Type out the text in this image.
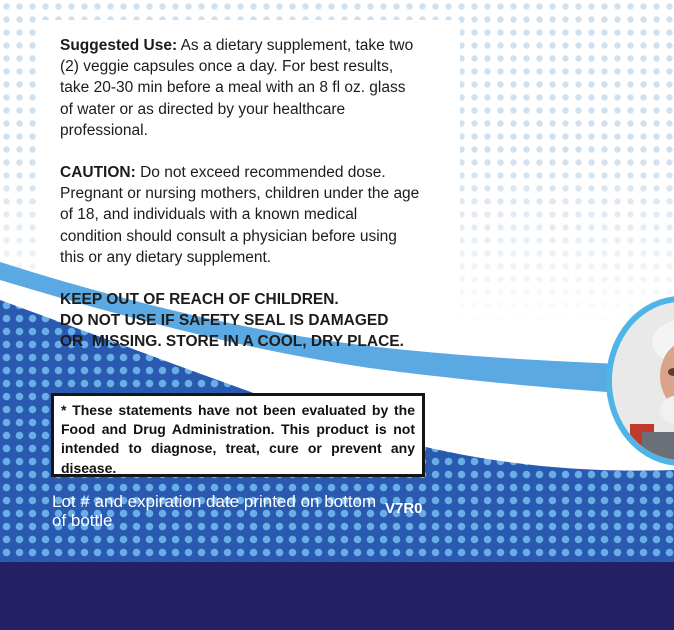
Suggested Use: As a dietary supplement, take two (2) veggie capsules once a day. For best results, take 20-30 min before a meal with an 8 fl oz. glass of water or as directed by your healthcare professional.
CAUTION: Do not exceed recommended dose. Pregnant or nursing mothers, children under the age of 18, and individuals with a known medical condition should consult a physician before using this or any dietary supplement.
KEEP OUT OF REACH OF CHILDREN.
DO NOT USE IF SAFETY SEAL IS DAMAGED
OR  MISSING. STORE IN A COOL, DRY PLACE.
* These statements have not been evaluated by the Food and Drug Administration. This product is not intended to diagnose, treat, cure or prevent any disease.
Lot # and expiration date printed on bottom of bottle
V7R0
